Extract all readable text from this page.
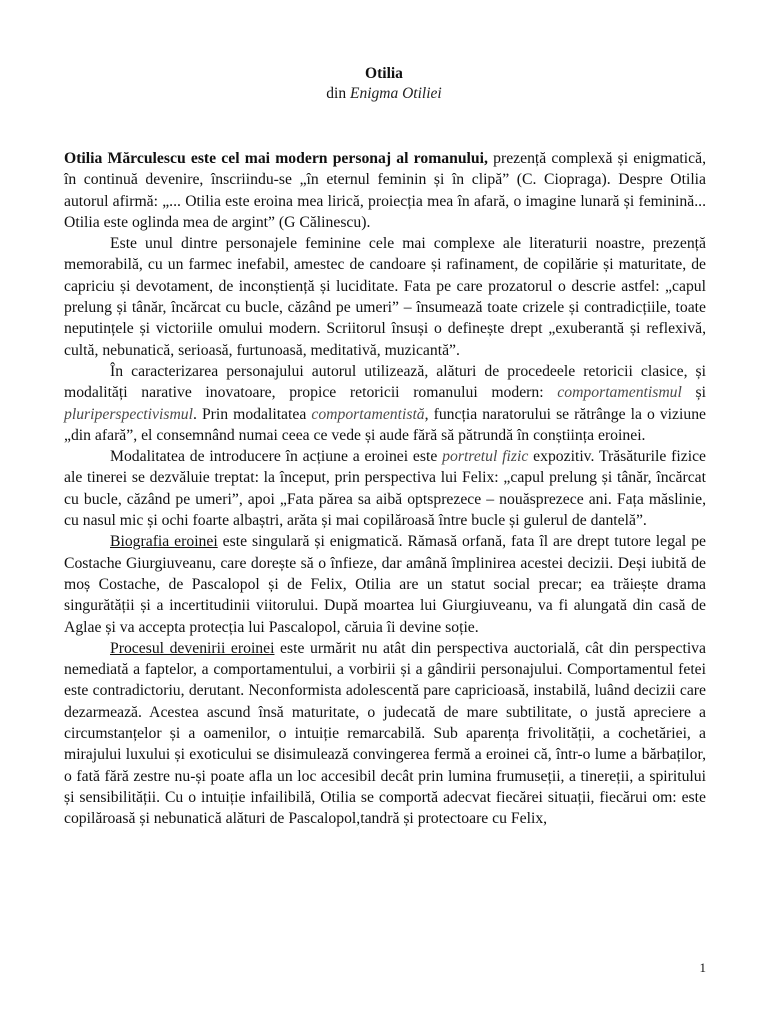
Otilia
din Enigma Otiliei

Otilia Mărculescu este cel mai modern personaj al romanului, prezență complexă și enigmatică, în continuă devenire, înscriindu-se „în eternul feminin și în clipă” (C. Ciopraga). Despre Otilia autorul afirmă: „... Otilia este eroina mea lirică, proiecția mea în afară, o imagine lunară și feminină... Otilia este oglinda mea de argint” (G Călinescu).

Este unul dintre personajele feminine cele mai complexe ale literaturii noastre, prezență memorabilă, cu un farmec inefabil, amestec de candoare și rafinament, de copilărie și maturitate, de capriciu și devotament, de inconștiență și luciditate. Fata pe care prozatorul o descrie astfel: „capul prelung și tânăr, încărcat cu bucle, căzând pe umeri” – însumează toate crizele și contradicțiile, toate neputințele și victoriile omului modern. Scriitorul însuși o definește drept „exuberantă și reflexivă, cultă, nebunatică, serioasă, furtunoasă, meditativă, muzicantă”.

În caracterizarea personajului autorul utilizează, alături de procedeele retoricii clasice, și modalități narative inovatoare, propice retoricii romanului modern: comportamentismul și pluriperspectivismul. Prin modalitatea comportamentistă, funcția naratorului se rătrânge la o viziune „din afară”, el consemnând numai ceea ce vede și aude fără să pătrundă în conștiința eroinei.

Modalitatea de introducere în acțiune a eroinei este portretul fizic expozitiv. Trăsăturile fizice ale tinerei se dezvăluie treptat: la început, prin perspectiva lui Felix: „capul prelung și tânăr, încărcat cu bucle, căzând pe umeri”, apoi „Fata părea sa aibă optsprezece – nouăsprezece ani. Fața măslinie, cu nasul mic și ochi foarte albaștri, arăta și mai copilăroasă între bucle și gulerul de dantelă”.

Biografia eroinei este singulară și enigmatică. Rămasă orfană, fata îl are drept tutore legal pe Costache Giurgiuveanu, care dorește să o înfieze, dar amână împlinirea acestei decizii. Deși iubită de moș Costache, de Pascalopol și de Felix, Otilia are un statut social precar; ea trăiește drama singurătății și a incertitudinii viitorului. După moartea lui Giurgiuveanu, va fi alungată din casă de Aglae și va accepta protecția lui Pascalopol, căruia îi devine soție.

Procesul devenirii eroinei este urmărit nu atât din perspectiva auctorială, cât din perspectiva nemediată a faptelor, a comportamentului, a vorbirii și a gândirii personajului. Comportamentul fetei este contradictoriu, derutant. Neconformista adolescentă pare capricioasă, instabilă, luând decizii care dezarmează. Acestea ascund însă maturitate, o judecată de mare subtilitate, o justă apreciere a circumstanțelor și a oamenilor, o intuiție remarcabilă. Sub aparența frivolității, a cochetăriei, a mirajului luxului și exoticului se disimulează convingerea fermă a eroinei că, într-o lume a bărbaților, o fată fără zestre nu-și poate afla un loc accesibil decât prin lumina frumuseții, a tinereții, a spiritului și sensibilității. Cu o intuiție infailibilă, Otilia se comportă adecvat fiecărei situații, fiecărui om: este copilăroasă și nebunatică alături de Pascalopol,tandră și protectoare cu Felix,

1
